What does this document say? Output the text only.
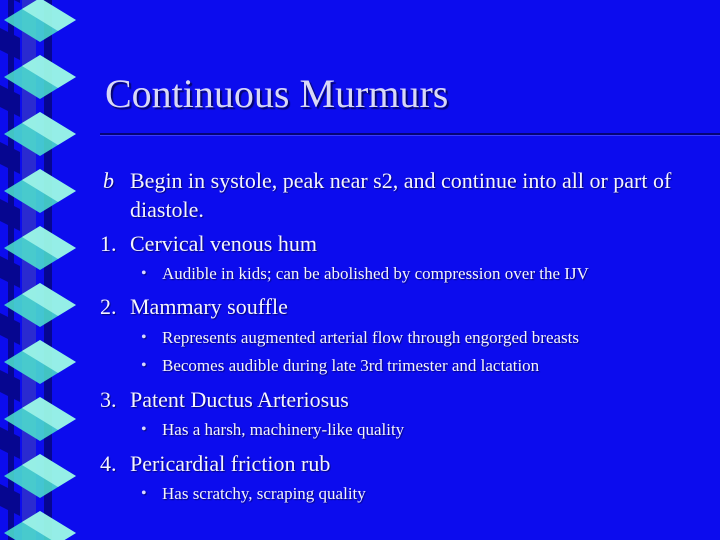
Continuous Murmurs
b Begin in systole, peak near s2, and continue into all or part of diastole.
1. Cervical venous hum
• Audible in kids; can be abolished by compression over the IJV
2. Mammary souffle
• Represents augmented arterial flow through engorged breasts
• Becomes audible during late 3rd trimester and lactation
3. Patent Ductus Arteriosus
• Has a harsh, machinery-like quality
4. Pericardial friction rub
• Has scratchy, scraping quality
